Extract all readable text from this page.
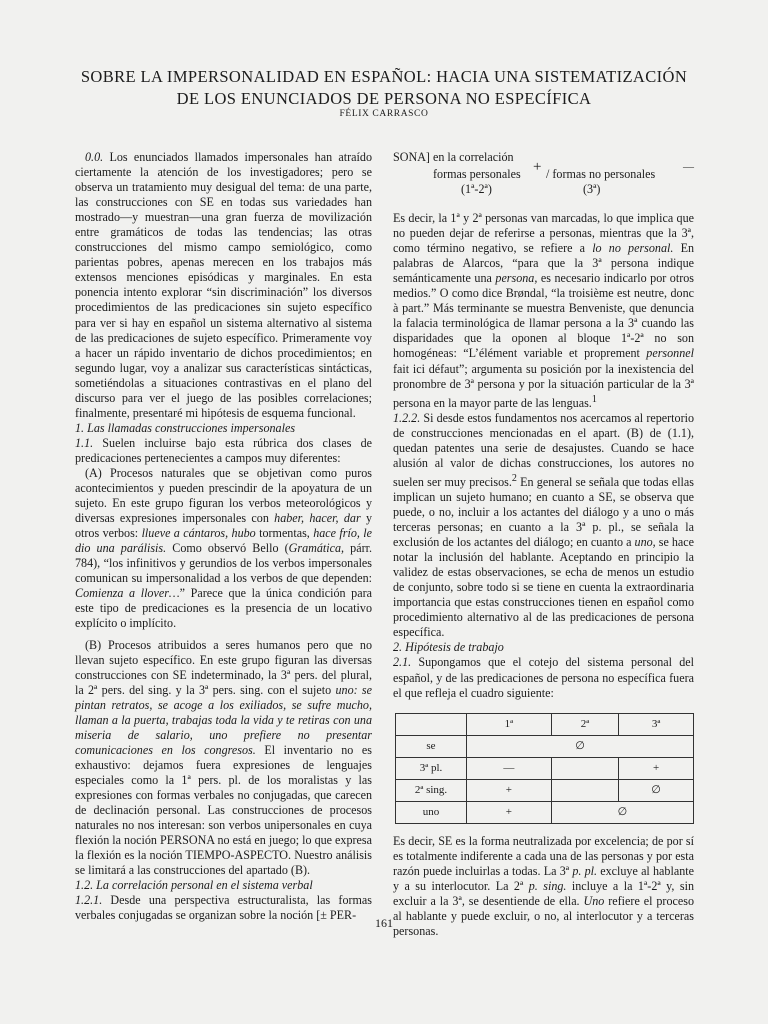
SOBRE LA IMPERSONALIDAD EN ESPAÑOL: HACIA UNA SISTEMATIZACIÓN
DE LOS ENUNCIADOS DE PERSONA NO ESPECÍFICA
FÉLIX CARRASCO

0.0. Los enunciados llamados impersonales han atraído ciertamente la atención de los investigadores; pero se observa un tratamiento muy desigual del tema: de una parte, las construcciones con SE en todas sus variedades han mostrado—y muestran—una gran fuerza de movilización entre gramáticos de todas las tendencias; las otras construcciones del mismo campo semiológico, como parientas pobres, apenas merecen en los trabajos más extensos menciones episódicas y marginales. En esta ponencia intento explorar “sin discriminación” los diversos procedimientos de las predicaciones sin sujeto específico para ver si hay en español un sistema alternativo al sistema de las predicaciones de sujeto específico. Primeramente voy a hacer un rápido inventario de dichos procedimientos; en segundo lugar, voy a analizar sus características sintácticas, sometiéndolas a situaciones contrastivas en el plano del discurso para ver el juego de las posibles correlaciones; finalmente, presentaré mi hipótesis de esquema funcional.

1. Las llamadas construcciones impersonales

1.1. Suelen incluirse bajo esta rúbrica dos clases de predicaciones pertenecientes a campos muy diferentes:

(A) Procesos naturales que se objetivan como puros acontecimientos y pueden prescindir de la apoyatura de un sujeto. En este grupo figuran los verbos meteorológicos y diversas expresiones impersonales con haber, hacer, dar y otros verbos: llueve a cántaros, hubo tormentas, hace frío, le dio una parálisis. Como observó Bello (Gramática, párr. 784), “los infinitivos y gerundios de los verbos impersonales comunican su impersonalidad a los verbos de que dependen: Comienza a llover…” Parece que la única condición para este tipo de predicaciones es la presencia de un locativo explícito o implícito.

(B) Procesos atribuidos a seres humanos pero que no llevan sujeto específico. En este grupo figuran las diversas construcciones con SE indeterminado, la 3ª pers. del plural, la 2ª pers. del sing. y la 3ª pers. sing. con el sujeto uno: se pintan retratos, se acoge a los exiliados, se sufre mucho, llaman a la puerta, trabajas toda la vida y te retiras con una miseria de salario, uno prefiere no presentar comunicaciones en los congresos. El inventario no es exhaustivo: dejamos fuera expresiones de lenguajes especiales como la 1ª pers. pl. de los moralistas y las expresiones con formas verbales no conjugadas, que carecen de declinación personal. Las construcciones de procesos naturales no nos interesan: son verbos unipersonales en cuya flexión la noción PERSONA no está en juego; lo que expresa la flexión es la noción TIEMPO-ASPECTO. Nuestro análisis se limitará a las construcciones del apartado (B).

1.2. La correlación personal en el sistema verbal

1.2.1. Desde una perspectiva estructuralista, las formas verbales conjugadas se organizan sobre la noción [± PER-

SONA] en la correlación

formas personales + / formas no personales	—
(1ª-2ª)	(3ª)

Es decir, la 1ª y 2ª personas van marcadas, lo que implica que no pueden dejar de referirse a personas, mientras que la 3ª, como término negativo, se refiere a lo no personal. En palabras de Alarcos, “para que la 3ª persona indique semánticamente una persona, es necesario indicarlo por otros medios.” O como dice Brøndal, “la troisième est neutre, donc à part.” Más terminante se muestra Benveniste, que denuncia la falacia terminológica de llamar persona a la 3ª cuando las disparidades que la oponen al bloque 1ª-2ª no son homogéneas: “L’élément variable et proprement personnel fait ici défaut”; argumenta su posición por la inexistencia del pronombre de 3ª persona y por la situación particular de la 3ª persona en la mayor parte de las lenguas.$^1$

1.2.2. Si desde estos fundamentos nos acercamos al repertorio de construcciones mencionadas en el apart. (B) de (1.1), quedan patentes una serie de desajustes. Cuando se hace alusión al valor de dichas construcciones, los autores no suelen ser muy precisos.$^2$ En general se señala que todas ellas implican un sujeto humano; en cuanto a SE, se observa que puede, o no, incluir a los actantes del diálogo y a uno o más terceras personas; en cuanto a la 3ª p. pl., se señala la exclusión de los actantes del diálogo; en cuanto a uno, se hace notar la inclusión del hablante. Aceptando en principio la validez de estas observaciones, se echa de menos un estudio de conjunto, sobre todo si se tiene en cuenta la extraordinaria importancia que estas construcciones tienen en español como procedimiento alternativo al de las predicaciones de persona específica.

2. Hipótesis de trabajo

2.1. Supongamos que el cotejo del sistema personal del español, y de las predicaciones de persona no específica fuera el que refleja el cuadro siguiente:

	1ª	2ª	3ª
se	∅		
3ª pl.	—		+
2ª sing.	+		∅
uno	+	∅	

Es decir, SE es la forma neutralizada por excelencia; de por sí es totalmente indiferente a cada una de las personas y por esta razón puede incluirlas a todas. La 3ª p. pl. excluye al hablante y a su interlocutor. La 2ª p. sing. incluye a la 1ª-2ª y, sin excluir a la 3ª, se desentiende de ella. Uno refiere el proceso al hablante y puede excluir, o no, al interlocutor y a terceras personas.

161
